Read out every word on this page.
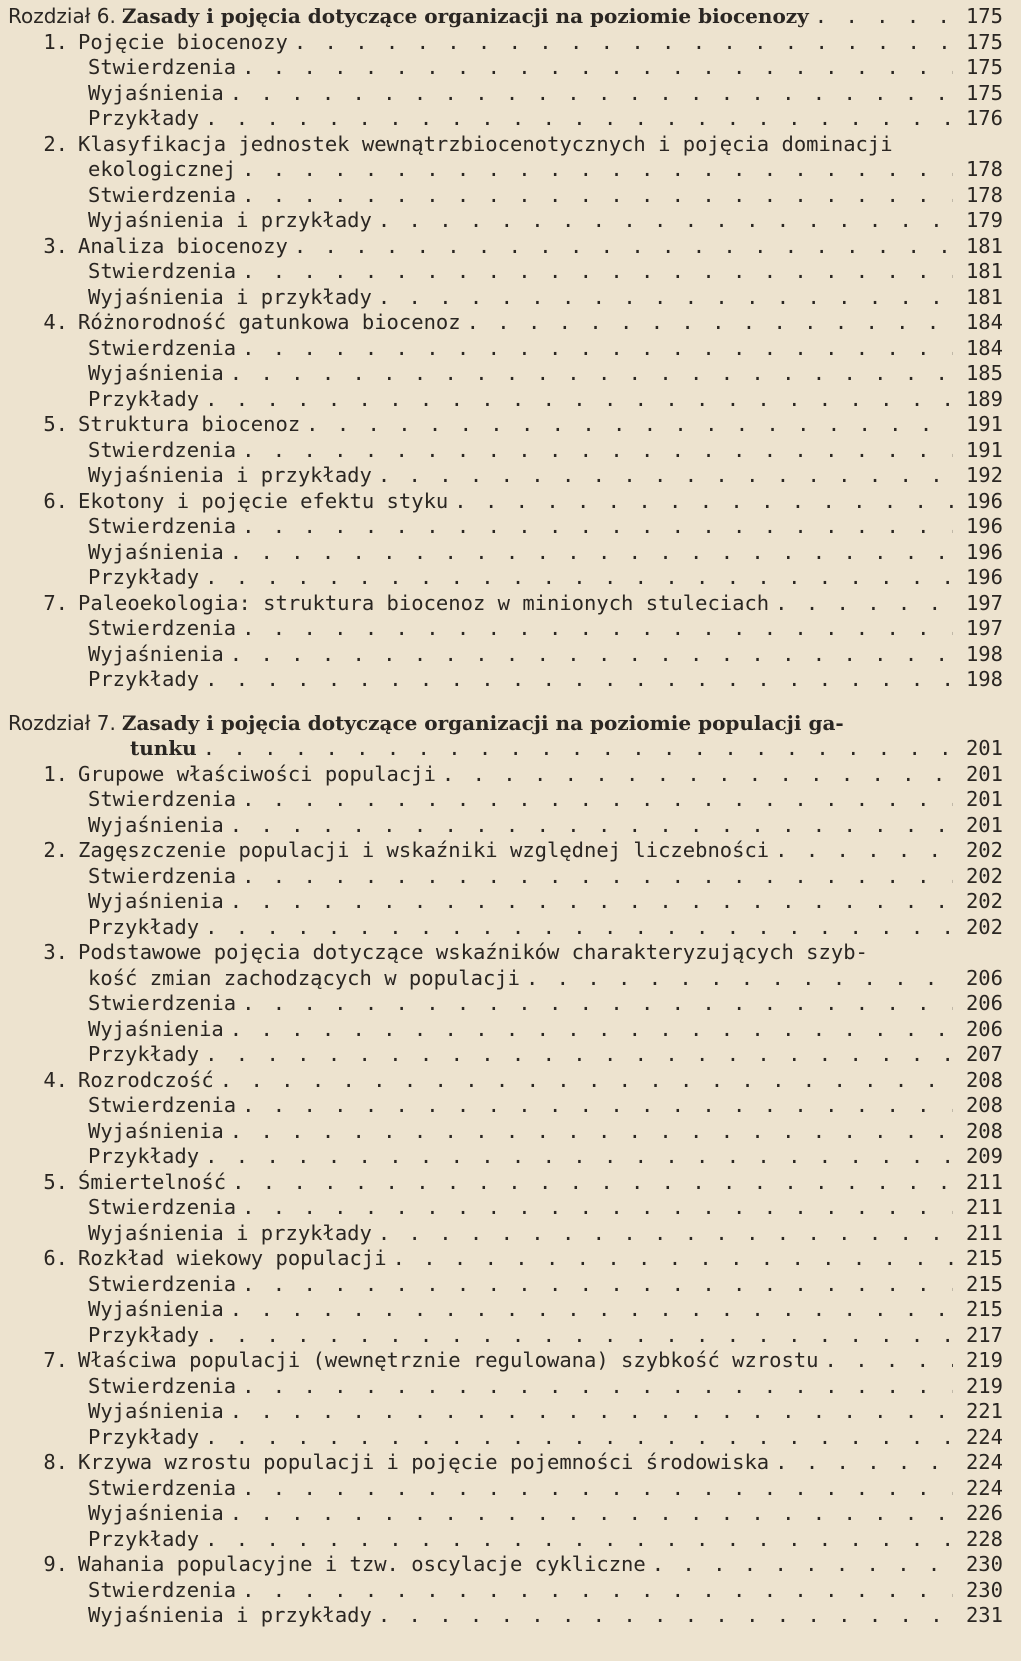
Rozdział 6. Zasady i pojęcia dotyczące organizacji na poziomie biocenozy . . .	175
1. Pojęcie biocenozy . . .	175
Stwierdzenia . . .	175
Wyjaśnienia . . .	175
Przykłady . . .	176
2. Klasyfikacja jednostek wewnątrzbiocenotycznych i pojęcia dominacji
ekologicznej . . .	178
Stwierdzenia . . .	178
Wyjaśnienia i przykłady . . .	179
3. Analiza biocenozy . . .	181
Stwierdzenia . . .	181
Wyjaśnienia i przykłady . . .	181
4. Różnorodność gatunkowa biocenoz . . .	184
Stwierdzenia . . .	184
Wyjaśnienia . . .	185
Przykłady . . .	189
5. Struktura biocenoz . . .	191
Stwierdzenia . . .	191
Wyjaśnienia i przykłady . . .	192
6. Ekotony i pojęcie efektu styku . . .	196
Stwierdzenia . . .	196
Wyjaśnienia . . .	196
Przykłady . . .	196
7. Paleoekologia: struktura biocenoz w minionych stuleciach . . .	197
Stwierdzenia . . .	197
Wyjaśnienia . . .	198
Przykłady . . .	198
Rozdział 7. Zasady i pojęcia dotyczące organizacji na poziomie populacji ga-
tunku . . .	201
1. Grupowe właściwości populacji . . .	201
Stwierdzenia . . .	201
Wyjaśnienia . . .	201
2. Zagęszczenie populacji i wskaźniki względnej liczebności . . .	202
Stwierdzenia . . .	202
Wyjaśnienia . . .	202
Przykłady . . .	202
3. Podstawowe pojęcia dotyczące wskaźników charakteryzujących szyb-
kość zmian zachodzących w populacji . . .	206
Stwierdzenia . . .	206
Wyjaśnienia . . .	206
Przykłady . . .	207
4. Rozrodczość . . .	208
Stwierdzenia . . .	208
Wyjaśnienia . . .	208
Przykłady . . .	209
5. Śmiertelność . . .	211
Stwierdzenia . . .	211
Wyjaśnienia i przykłady . . .	211
6. Rozkład wiekowy populacji . . .	215
Stwierdzenia . . .	215
Wyjaśnienia . . .	215
Przykłady . . .	217
7. Właściwa populacji (wewnętrznie regulowana) szybkość wzrostu . . .	219
Stwierdzenia . . .	219
Wyjaśnienia . . .	221
Przykłady . . .	224
8. Krzywa wzrostu populacji i pojęcie pojemności środowiska . . .	224
Stwierdzenia . . .	224
Wyjaśnienia . . .	226
Przykłady . . .	228
9. Wahania populacyjne i tzw. oscylacje cykliczne . . .	230
Stwierdzenia . . .	230
Wyjaśnienia i przykłady . . .	231
